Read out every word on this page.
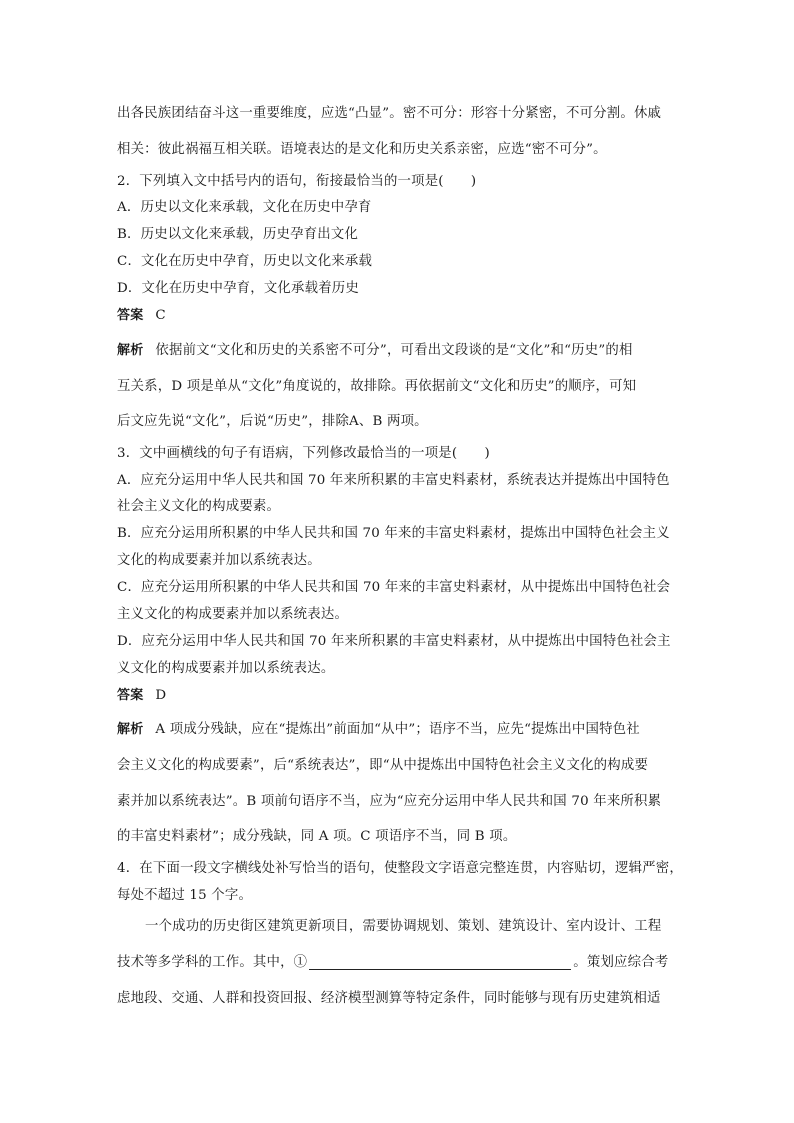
出各民族团结奋斗这一重要维度，应选“凸显”。密不可分：形容十分紧密，不可分割。休戚
相关：彼此祸福互相关联。语境表达的是文化和历史关系亲密，应选“密不可分”。
2．下列填入文中括号内的语句，衔接最恰当的一项是(　　)
A．历史以文化来承载，文化在历史中孕育
B．历史以文化来承载，历史孕育出文化
C．文化在历史中孕育，历史以文化来承载
D．文化在历史中孕育，文化承载着历史
答案 C
解析 依据前文“文化和历史的关系密不可分”，可看出文段谈的是“文化”和“历史”的相
互关系，D 项是单从“文化”角度说的，故排除。再依据前文“文化和历史”的顺序，可知
后文应先说“文化”，后说“历史”，排除A、B 两项。
3．文中画横线的句子有语病，下列修改最恰当的一项是(　　)
A．应充分运用中华人民共和国 70 年来所积累的丰富史料素材，系统表达并提炼出中国特色
社会主义文化的构成要素。
B．应充分运用所积累的中华人民共和国 70 年来的丰富史料素材，提炼出中国特色社会主义
文化的构成要素并加以系统表达。
C．应充分运用所积累的中华人民共和国 70 年来的丰富史料素材，从中提炼出中国特色社会
主义文化的构成要素并加以系统表达。
D．应充分运用中华人民共和国 70 年来所积累的丰富史料素材，从中提炼出中国特色社会主
义文化的构成要素并加以系统表达。
答案 D
解析 A 项成分残缺，应在“提炼出”前面加“从中”；语序不当，应先“提炼出中国特色社
会主义文化的构成要素”，后“系统表达”，即“从中提炼出中国特色社会主义文化的构成要
素并加以系统表达”。B 项前句语序不当，应为“应充分运用中华人民共和国 70 年来所积累
的丰富史料素材”；成分残缺，同 A 项。C 项语序不当，同 B 项。
4．在下面一段文字横线处补写恰当的语句，使整段文字语意完整连贯，内容贴切，逻辑严密，
每处不超过 15 个字。
一个成功的历史街区建筑更新项目，需要协调规划、策划、建筑设计、室内设计、工程
技术等多学科的工作。其中，①	。策划应综合考
虑地段、交通、人群和投资回报、经济模型测算等特定条件，同时能够与现有历史建筑相适
